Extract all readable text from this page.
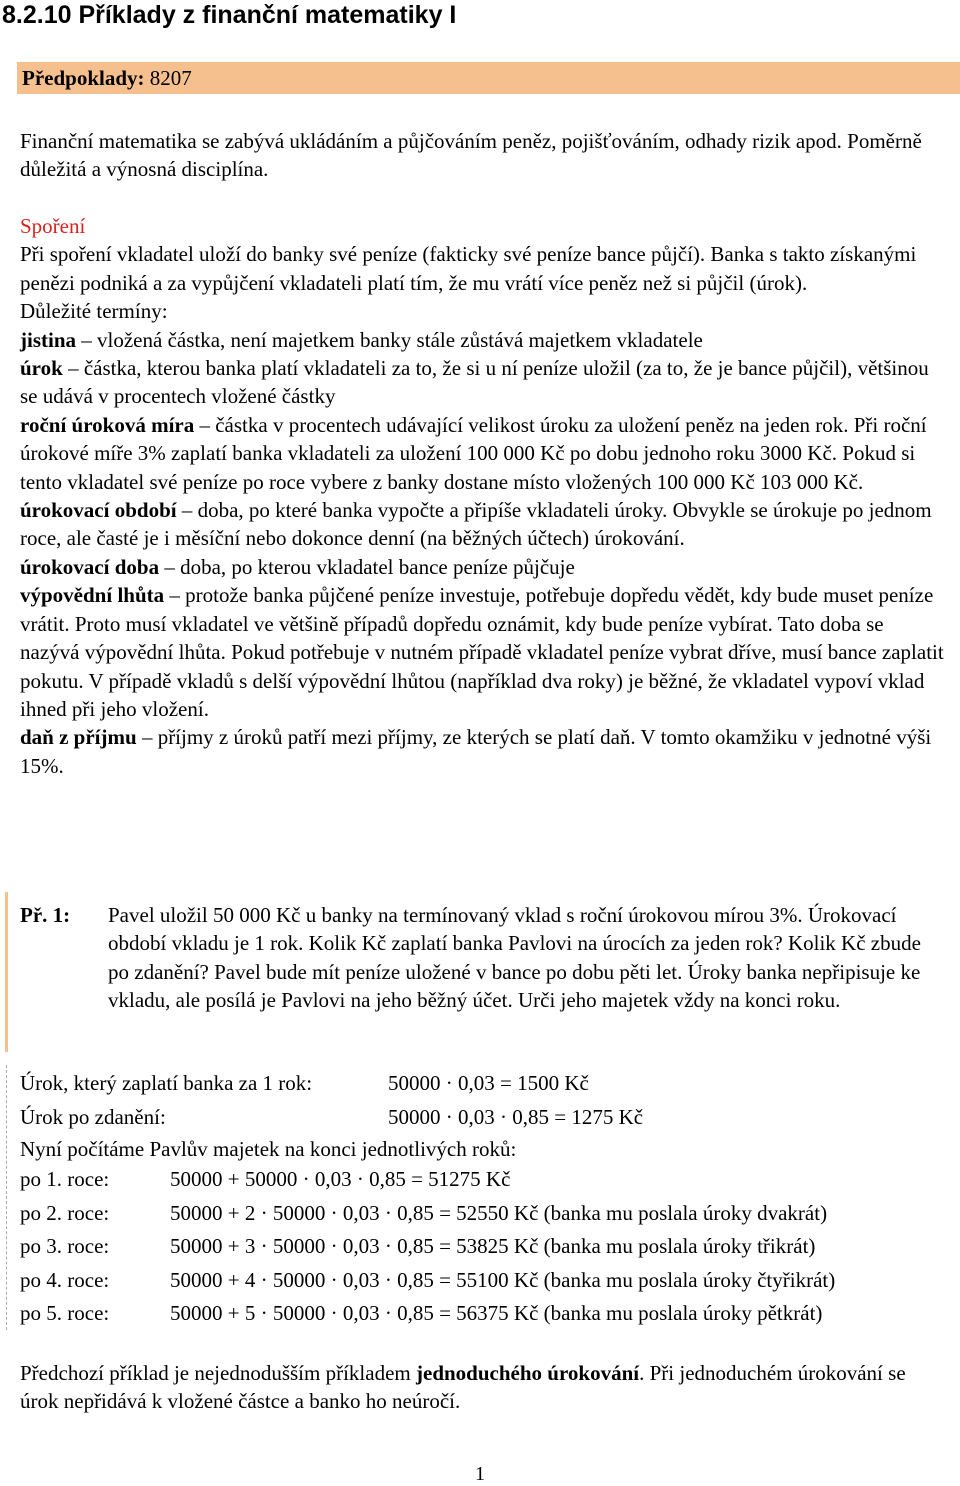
8.2.10 Příklady z finanční matematiky I
Předpoklady: 8207

Finanční matematika se zabývá ukládáním a půjčováním peněz, pojišťováním, odhady rizik apod. Poměrně důležitá a výnosná disciplína.

Spoření

Při spoření vkladatel uloží do banky své peníze (fakticky své peníze bance půjčí). Banka s takto získanými penězi podniká a za vypůjčení vkladateli platí tím, že mu vrátí více peněz než si půjčil (úrok).

Důležité termíny:

jistina – vložená částka, není majetkem banky stále zůstává majetkem vkladatele

úrok – částka, kterou banka platí vkladateli za to, že si u ní peníze uložil (za to, že je bance půjčil), většinou se udává v procentech vložené částky

roční úroková míra – částka v procentech udávající velikost úroku za uložení peněz na jeden rok. Při roční úrokové míře 3% zaplatí banka vkladateli za uložení 100 000 Kč po dobu jednoho roku 3000 Kč. Pokud si tento vkladatel své peníze po roce vybere z banky dostane místo vložených 100 000 Kč 103 000 Kč.

úrokovací období – doba, po které banka vypočte a připíše vkladateli úroky. Obvykle se úrokuje po jednom roce, ale časté je i měsíční nebo dokonce denní (na běžných účtech) úrokování.

úrokovací doba – doba, po kterou vkladatel bance peníze půjčuje

výpovědní lhůta – protože banka půjčené peníze investuje, potřebuje dopředu vědět, kdy bude muset peníze vrátit. Proto musí vkladatel ve většině případů dopředu oznámit, kdy bude peníze vybírat. Tato doba se nazývá výpovědní lhůta. Pokud potřebuje v nutném případě vkladatel peníze vybrat dříve, musí bance zaplatit pokutu. V případě vkladů s delší výpovědní lhůtou (například dva roky) je běžné, že vkladatel vypoví vklad ihned při jeho vložení.

daň z příjmu – příjmy z úroků patří mezi příjmy, ze kterých se platí daň. V tomto okamžiku v jednotné výši 15%.

Př. 1: Pavel uložil 50 000 Kč u banky na termínovaný vklad s roční úrokovou mírou 3%. Úrokovací období vkladu je 1 rok. Kolik Kč zaplatí banka Pavlovi na úrocích za jeden rok? Kolik Kč zbude po zdanění? Pavel bude mít peníze uložené v bance po dobu pěti let. Úroky banka nepřipisuje ke vkladu, ale posílá je Pavlovi na jeho běžný účet. Urči jeho majetek vždy na konci roku.
Úrok, který zaplatí banka za 1 rok:	50000 · 0,03 = 1500 Kč
Úrok po zdanění:	50000 · 0,03 · 0,85 = 1275 Kč
Nyní počítáme Pavlův majetek na konci jednotlivých roků:
po 1. roce:	50000 + 50000 · 0,03 · 0,85 = 51275 Kč
po 2. roce:	50000 + 2 · 50000 · 0,03 · 0,85 = 52550 Kč (banka mu poslala úroky dvakrát)
po 3. roce:	50000 + 3 · 50000 · 0,03 · 0,85 = 53825 Kč (banka mu poslala úroky třikrát)
po 4. roce:	50000 + 4 · 50000 · 0,03 · 0,85 = 55100 Kč (banka mu poslala úroky čtyřikrát)
po 5. roce:	50000 + 5 · 50000 · 0,03 · 0,85 = 56375 Kč (banka mu poslala úroky pětkrát)

Předchozí příklad je nejednodušším příkladem jednoduchého úrokování. Při jednoduchém úrokování se úrok nepřidává k vložené částce a banko ho neúročí.

1
